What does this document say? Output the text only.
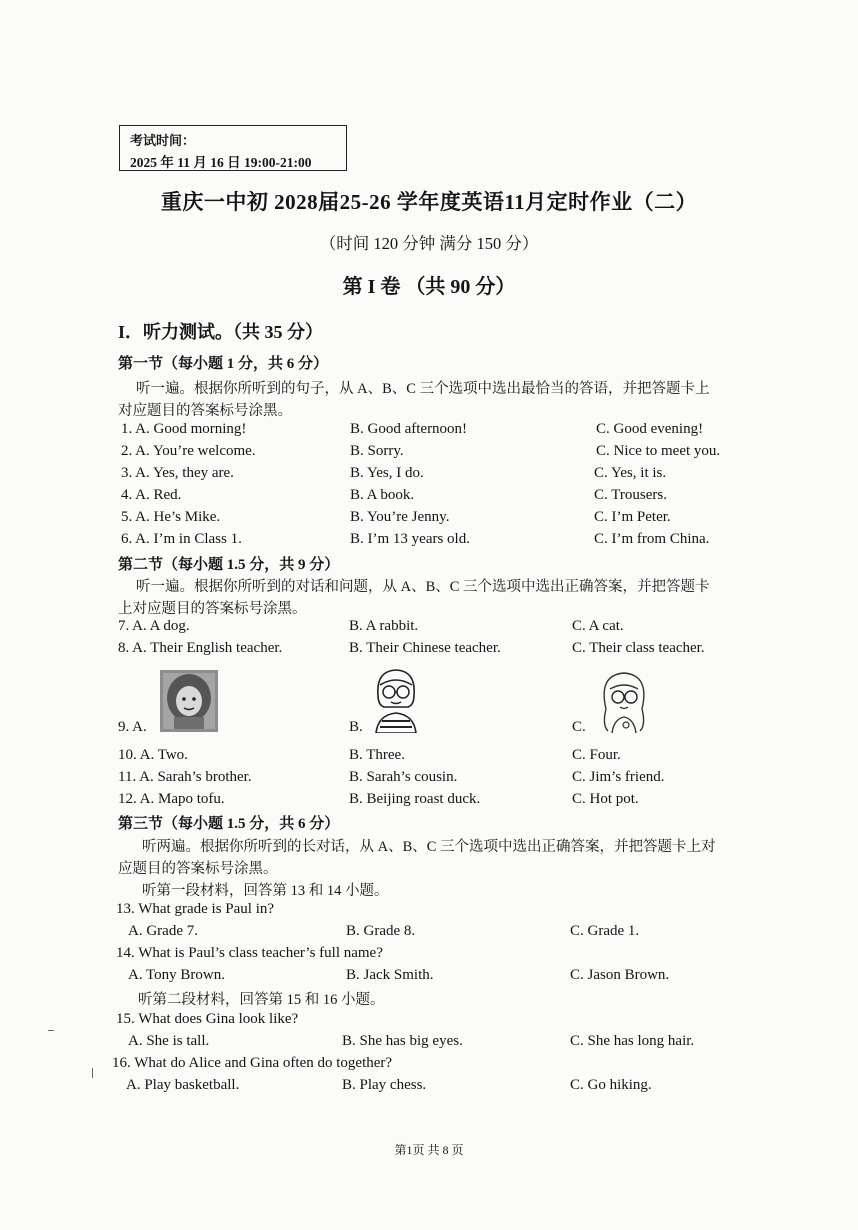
考试时间：
2025 年 11 月 16 日 19:00-21:00
重庆一中初 2028届25-26 学年度英语11月定时作业（二）
（时间 120 分钟 满分 150 分）
第 I 卷 （共 90 分）
I．听力测试。（共 35 分）
第一节（每小题 1 分，共 6 分）
听一遍。根据你所听到的句子，从 A、B、C 三个选项中选出最恰当的答语，并把答题卡上
对应题目的答案标号涂黑。
1. A. Good morning!	B. Good afternoon!	C. Good evening!
2. A. You’re welcome.	B. Sorry.	C. Nice to meet you.
3. A. Yes, they are.	B. Yes, I do.	C. Yes, it is.
4. A. Red.	B. A book.	C. Trousers.
5. A. He’s Mike.	B. You’re Jenny.	C. I’m Peter.
6. A. I’m in Class 1.	B. I’m 13 years old.	C. I’m from China.
第二节（每小题 1.5 分，共 9 分）
听一遍。根据你所听到的对话和问题，从 A、B、C 三个选项中选出正确答案，并把答题卡
上对应题目的答案标号涂黑。
7. A. A dog.	B. A rabbit.	C. A cat.
8. A. Their English teacher.	B. Their Chinese teacher.	C. Their class teacher.
9. A.	B.	C.
10. A. Two.	B. Three.	C. Four.
11. A. Sarah’s brother.	B. Sarah’s cousin.	C. Jim’s friend.
12. A. Mapo tofu.	B. Beijing roast duck.	C. Hot pot.
第三节（每小题 1.5 分，共 6 分）
听两遍。根据你所听到的长对话，从 A、B、C 三个选项中选出正确答案，并把答题卡上对
应题目的答案标号涂黑。
听第一段材料，回答第 13 和 14 小题。
13. What grade is Paul in?
A. Grade 7.	B. Grade 8.	C. Grade 1.
14. What is Paul’s class teacher’s full name?
A. Tony Brown.	B. Jack Smith.	C. Jason Brown.
听第二段材料，回答第 15 和 16 小题。
15. What does Gina look like?
A. She is tall.	B. She has big eyes.	C. She has long hair.
16. What do Alice and Gina often do together?
A. Play basketball.	B. Play chess.	C. Go hiking.
第1页 共 8 页
